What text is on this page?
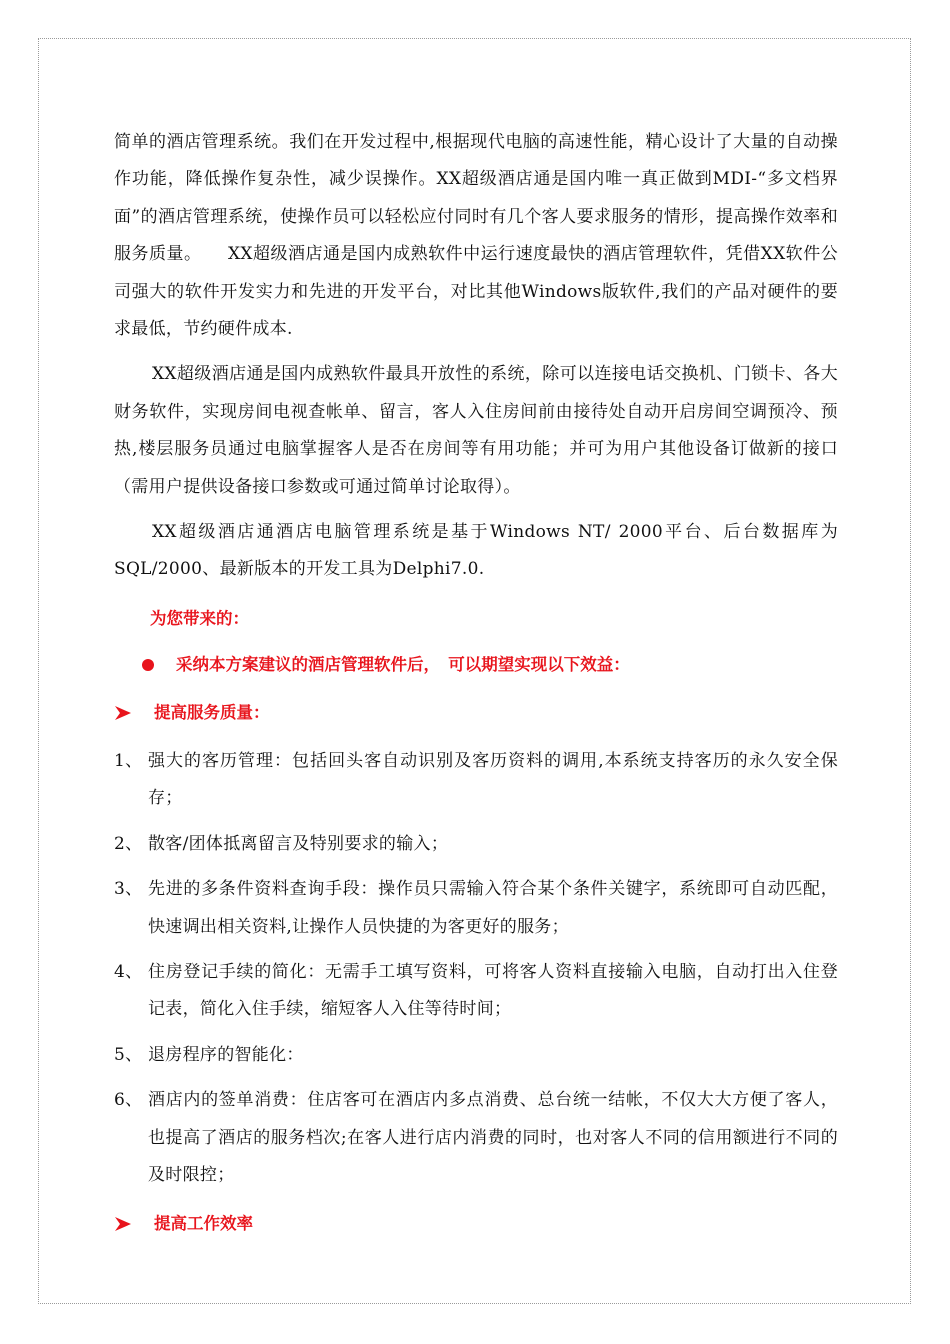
简单的酒店管理系统。我们在开发过程中,根据现代电脑的高速性能，精心设计了大量的自动操作功能，降低操作复杂性，减少误操作。XX超级酒店通是国内唯一真正做到MDI-“多文档界面”的酒店管理系统，使操作员可以轻松应付同时有几个客人要求服务的情形，提高操作效率和服务质量。　　XX超级酒店通是国内成熟软件中运行速度最快的酒店管理软件，凭借XX软件公司强大的软件开发实力和先进的开发平台，对比其他Windows版软件,我们的产品对硬件的要求最低，节约硬件成本.

XX超级酒店通是国内成熟软件最具开放性的系统，除可以连接电话交换机、门锁卡、各大财务软件，实现房间电视查帐单、留言，客人入住房间前由接待处自动开启房间空调预冷、预热,楼层服务员通过电脑掌握客人是否在房间等有用功能；并可为用户其他设备订做新的接口（需用户提供设备接口参数或可通过简单讨论取得）。

XX超级酒店通酒店电脑管理系统是基于Windows NT/ 2000平台、后台数据库为SQL/2000、最新版本的开发工具为Delphi7.0.

为您带来的：
采纳本方案建议的酒店管理软件后，　可以期望实现以下效益：
提高服务质量：
1、 强大的客历管理：包括回头客自动识别及客历资料的调用,本系统支持客历的永久安全保存；
2、 散客/团体抵离留言及特别要求的输入；
3、 先进的多条件资料查询手段：操作员只需输入符合某个条件关键字，系统即可自动匹配，快速调出相关资料,让操作人员快捷的为客更好的服务；
4、 住房登记手续的简化：无需手工填写资料，可将客人资料直接输入电脑，自动打出入住登记表，简化入住手续，缩短客人入住等待时间；
5、 退房程序的智能化：
6、 酒店内的签单消费：住店客可在酒店内多点消费、总台统一结帐，不仅大大方便了客人，也提高了酒店的服务档次;在客人进行店内消费的同时，也对客人不同的信用额进行不同的及时限控；
提高工作效率
